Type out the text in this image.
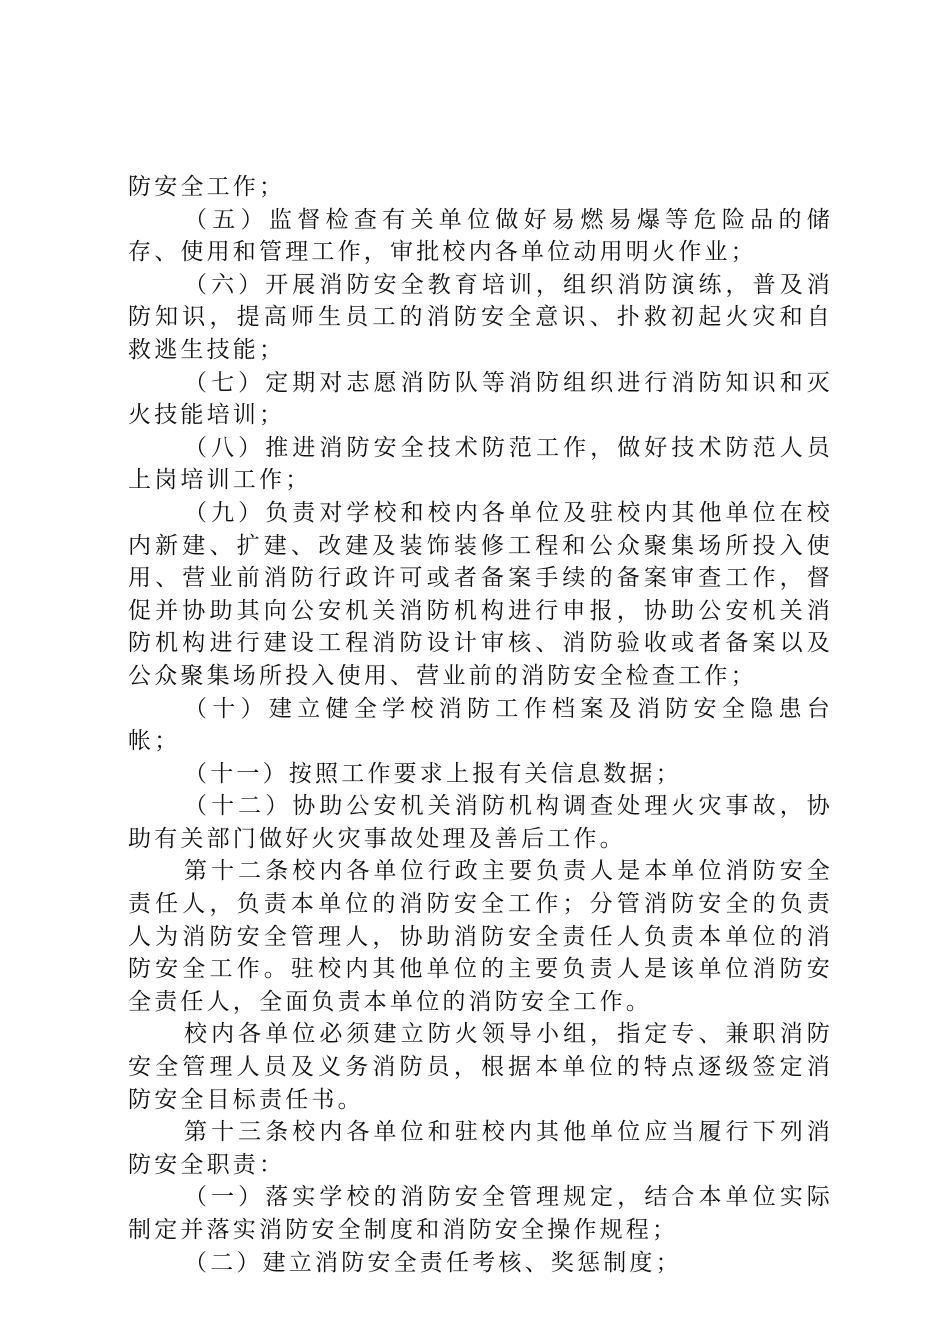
防安全工作；

（五）监督检查有关单位做好易燃易爆等危险品的储存、使用和管理工作，审批校内各单位动用明火作业；

（六）开展消防安全教育培训，组织消防演练，普及消防知识，提高师生员工的消防安全意识、扑救初起火灾和自救逃生技能；

（七）定期对志愿消防队等消防组织进行消防知识和灭火技能培训；

（八）推进消防安全技术防范工作，做好技术防范人员上岗培训工作；

（九）负责对学校和校内各单位及驻校内其他单位在校内新建、扩建、改建及装饰装修工程和公众聚集场所投入使用、营业前消防行政许可或者备案手续的备案审查工作，督促并协助其向公安机关消防机构进行申报，协助公安机关消防机构进行建设工程消防设计审核、消防验收或者备案以及公众聚集场所投入使用、营业前的消防安全检查工作；

（十）建立健全学校消防工作档案及消防安全隐患台帐；

（十一）按照工作要求上报有关信息数据；

（十二）协助公安机关消防机构调查处理火灾事故，协助有关部门做好火灾事故处理及善后工作。

第十二条校内各单位行政主要负责人是本单位消防安全责任人，负责本单位的消防安全工作；分管消防安全的负责人为消防安全管理人，协助消防安全责任人负责本单位的消防安全工作。驻校内其他单位的主要负责人是该单位消防安全责任人，全面负责本单位的消防安全工作。

校内各单位必须建立防火领导小组，指定专、兼职消防安全管理人员及义务消防员，根据本单位的特点逐级签定消防安全目标责任书。

第十三条校内各单位和驻校内其他单位应当履行下列消防安全职责：

（一）落实学校的消防安全管理规定，结合本单位实际制定并落实消防安全制度和消防安全操作规程；

（二）建立消防安全责任考核、奖惩制度；
